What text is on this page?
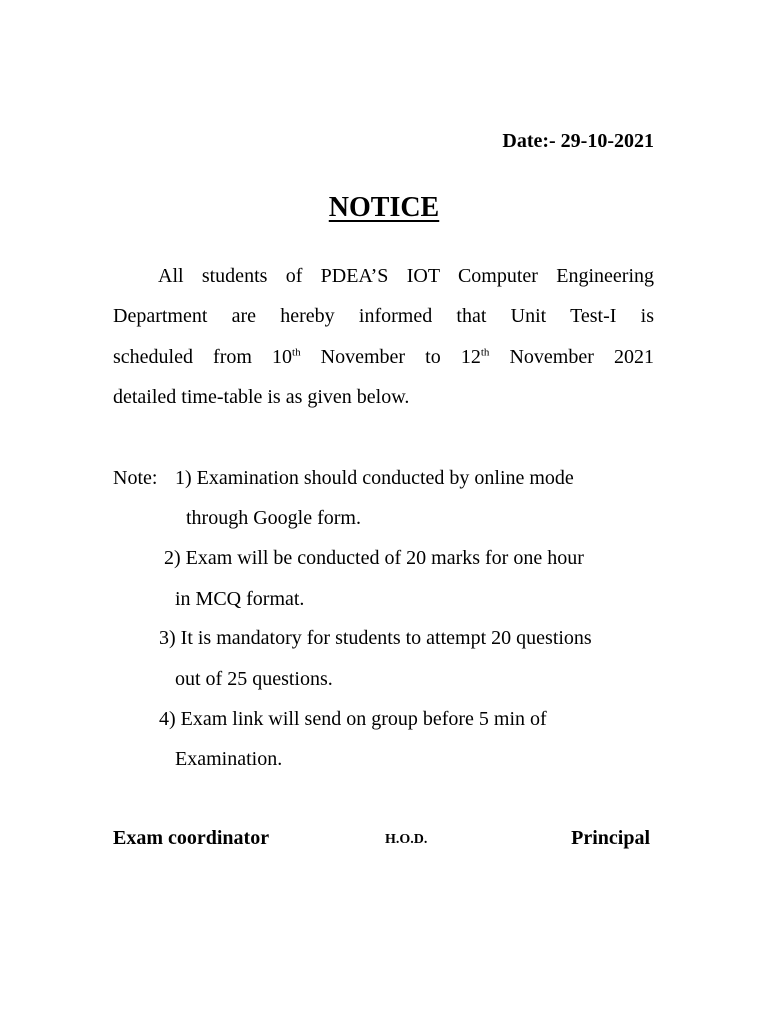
Date:- 29-10-2021
NOTICE
All students of PDEA’S IOT Computer Engineering
Department are hereby informed that Unit Test-I is
scheduled from 10th November to 12th November 2021
detailed time-table is as given below.
Note: 1) Examination should conducted by online mode
through Google form.
2) Exam will be conducted of 20 marks for one hour
in MCQ format.
3) It is mandatory for students to attempt 20 questions
out of 25 questions.
4) Exam link will send on group before 5 min of
Examination.
Exam coordinator	H.O.D.	Principal
